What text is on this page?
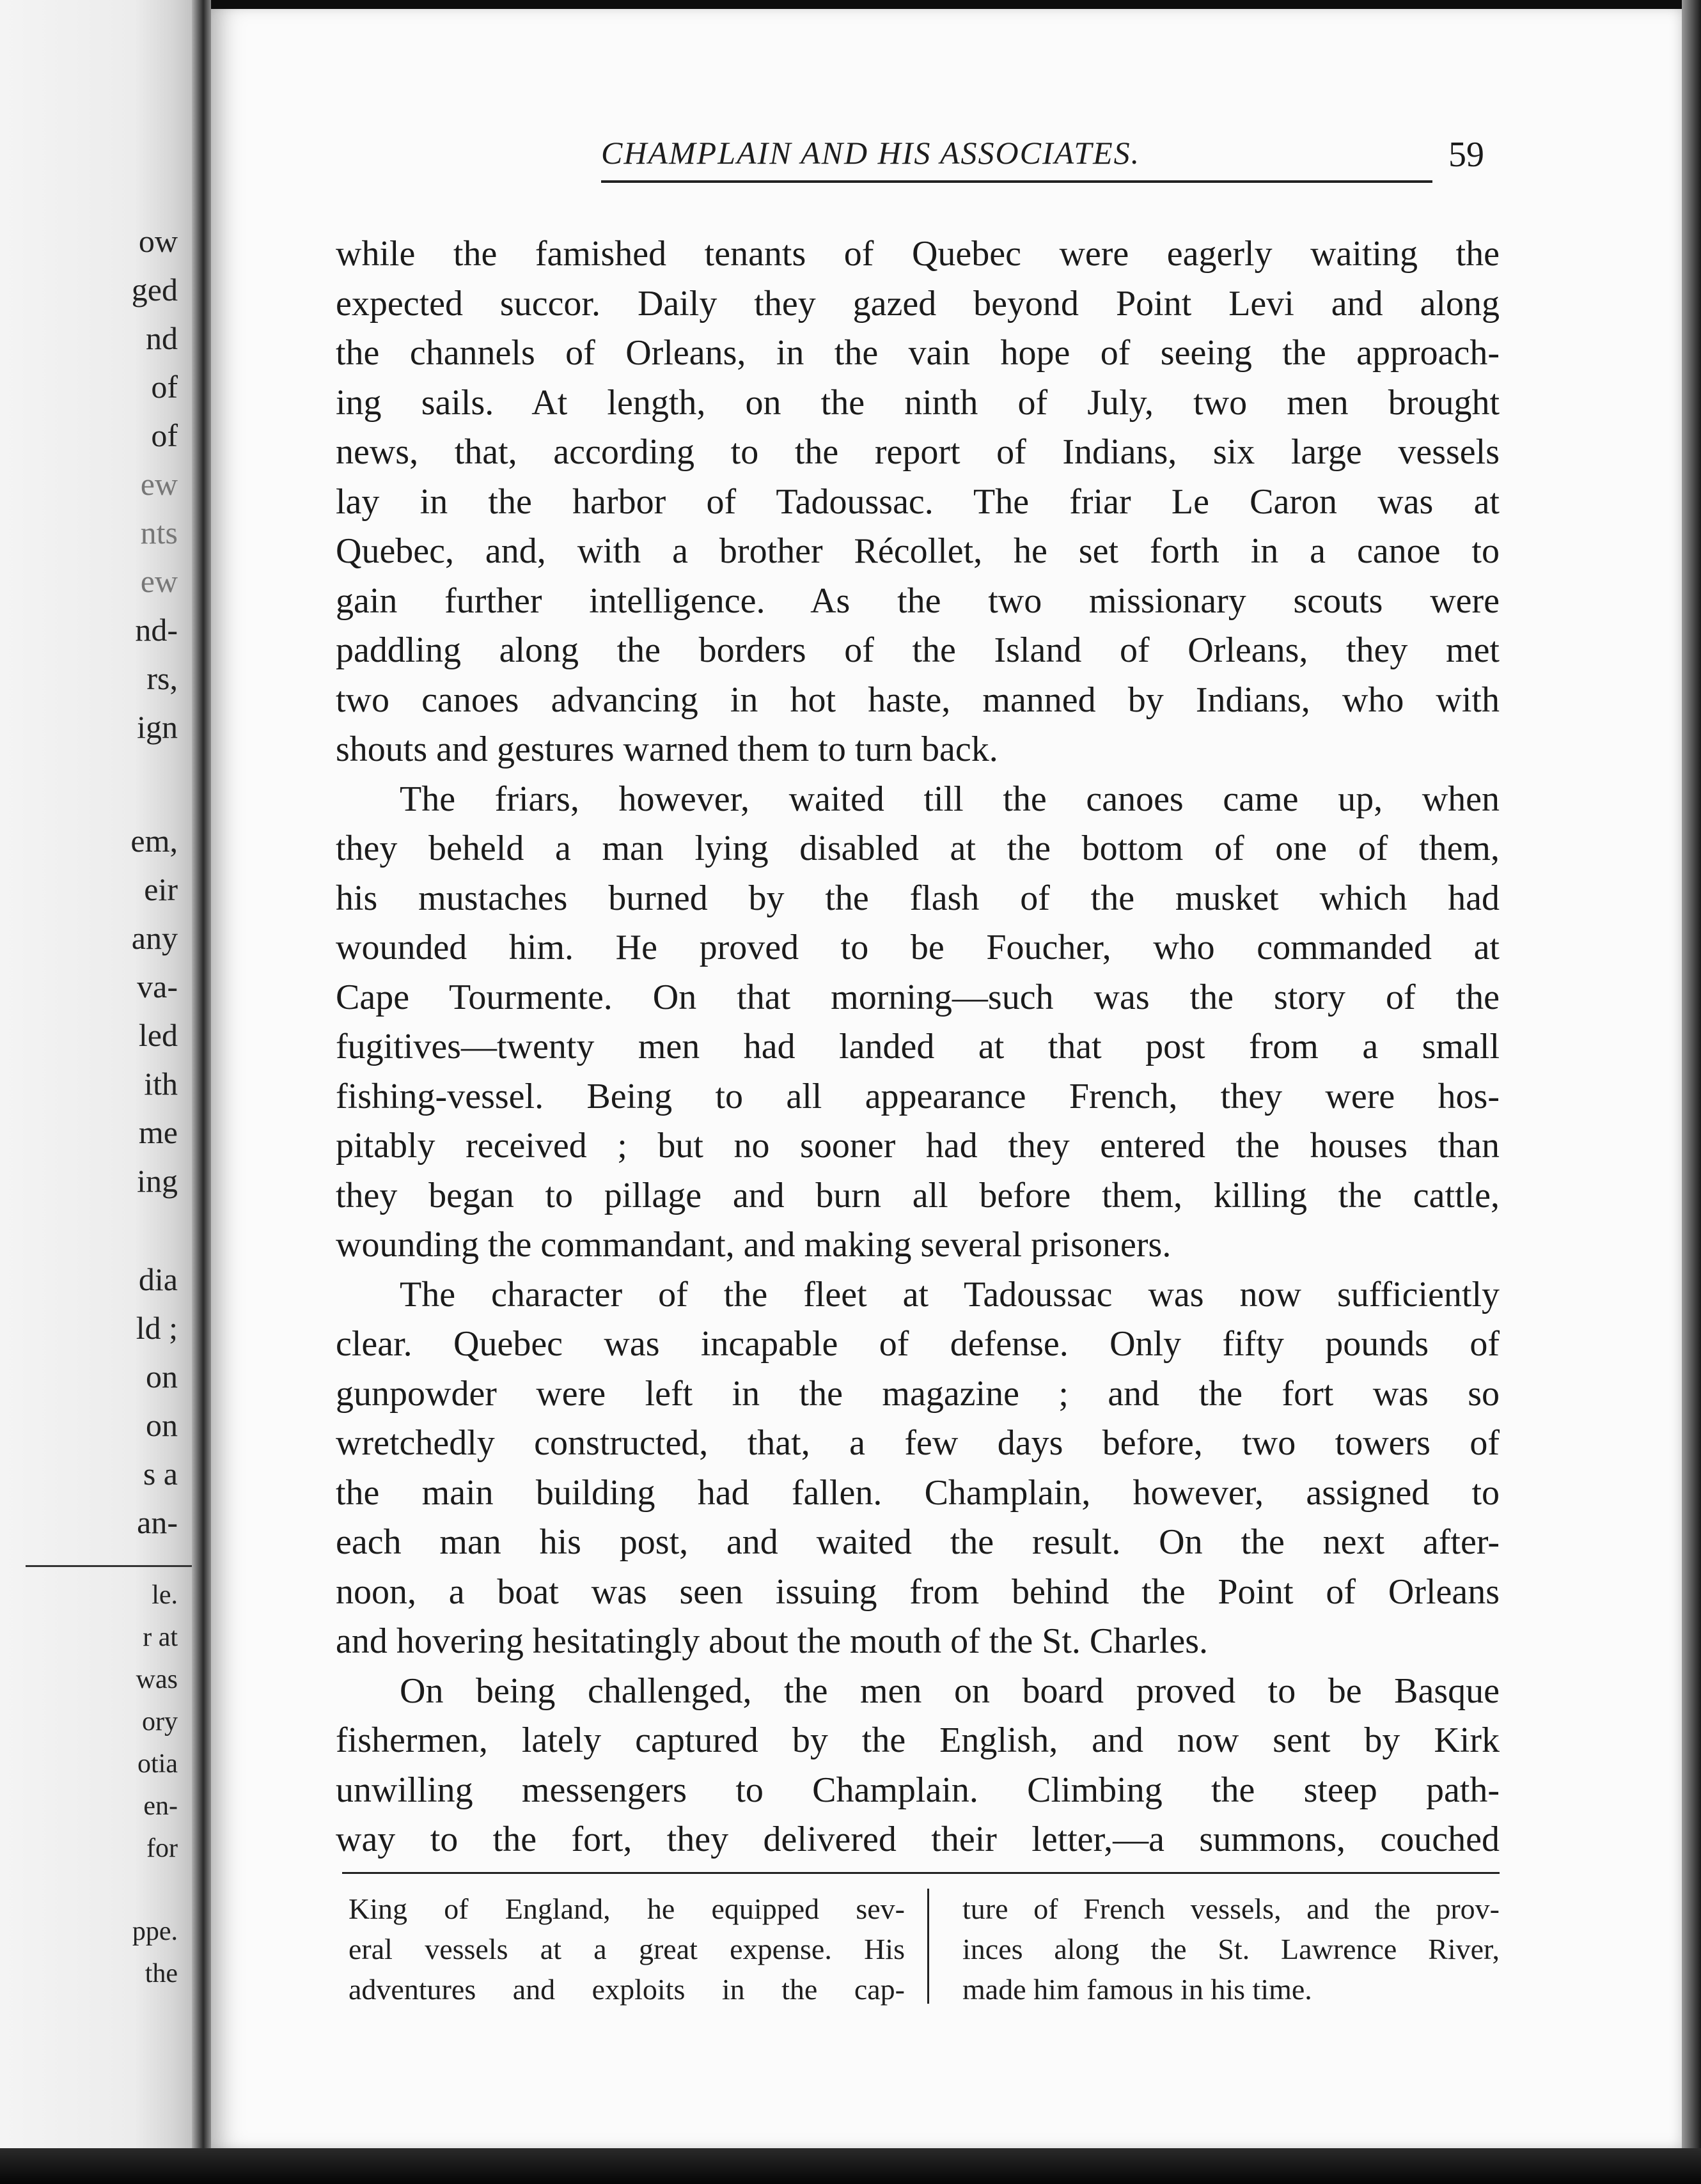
ow
ged
nd
of
of
ew
nts
ew
nd-
rs,
ign
em,
eir
any
va-
led
ith
me
ing
dia
ld ;
on
on
s a
an-
le.
r at
was
ory
otia
en-
for
ppe.
the
CHAMPLAIN AND HIS ASSOCIATES.	59
while the famished tenants of Quebec were eagerly waiting the
expected succor. Daily they gazed beyond Point Levi and along
the channels of Orleans, in the vain hope of seeing the approach-
ing sails. At length, on the ninth of July, two men brought
news, that, according to the report of Indians, six large vessels
lay in the harbor of Tadoussac. The friar Le Caron was at
Quebec, and, with a brother Récollet, he set forth in a canoe to
gain further intelligence. As the two missionary scouts were
paddling along the borders of the Island of Orleans, they met
two canoes advancing in hot haste, manned by Indians, who with
shouts and gestures warned them to turn back.
The friars, however, waited till the canoes came up, when
they beheld a man lying disabled at the bottom of one of them,
his mustaches burned by the flash of the musket which had
wounded him. He proved to be Foucher, who commanded at
Cape Tourmente. On that morning—such was the story of the
fugitives—twenty men had landed at that post from a small
fishing-vessel. Being to all appearance French, they were hos-
pitably received ; but no sooner had they entered the houses than
they began to pillage and burn all before them, killing the cattle,
wounding the commandant, and making several prisoners.
The character of the fleet at Tadoussac was now sufficiently
clear. Quebec was incapable of defense. Only fifty pounds of
gunpowder were left in the magazine ; and the fort was so
wretchedly constructed, that, a few days before, two towers of
the main building had fallen. Champlain, however, assigned to
each man his post, and waited the result. On the next after-
noon, a boat was seen issuing from behind the Point of Orleans
and hovering hesitatingly about the mouth of the St. Charles.
On being challenged, the men on board proved to be Basque
fishermen, lately captured by the English, and now sent by Kirk
unwilling messengers to Champlain. Climbing the steep path-
way to the fort, they delivered their letter,—a summons, couched
King of England, he equipped sev-
eral vessels at a great expense. His
adventures and exploits in the cap-
ture of French vessels, and the prov-
inces along the St. Lawrence River,
made him famous in his time.
